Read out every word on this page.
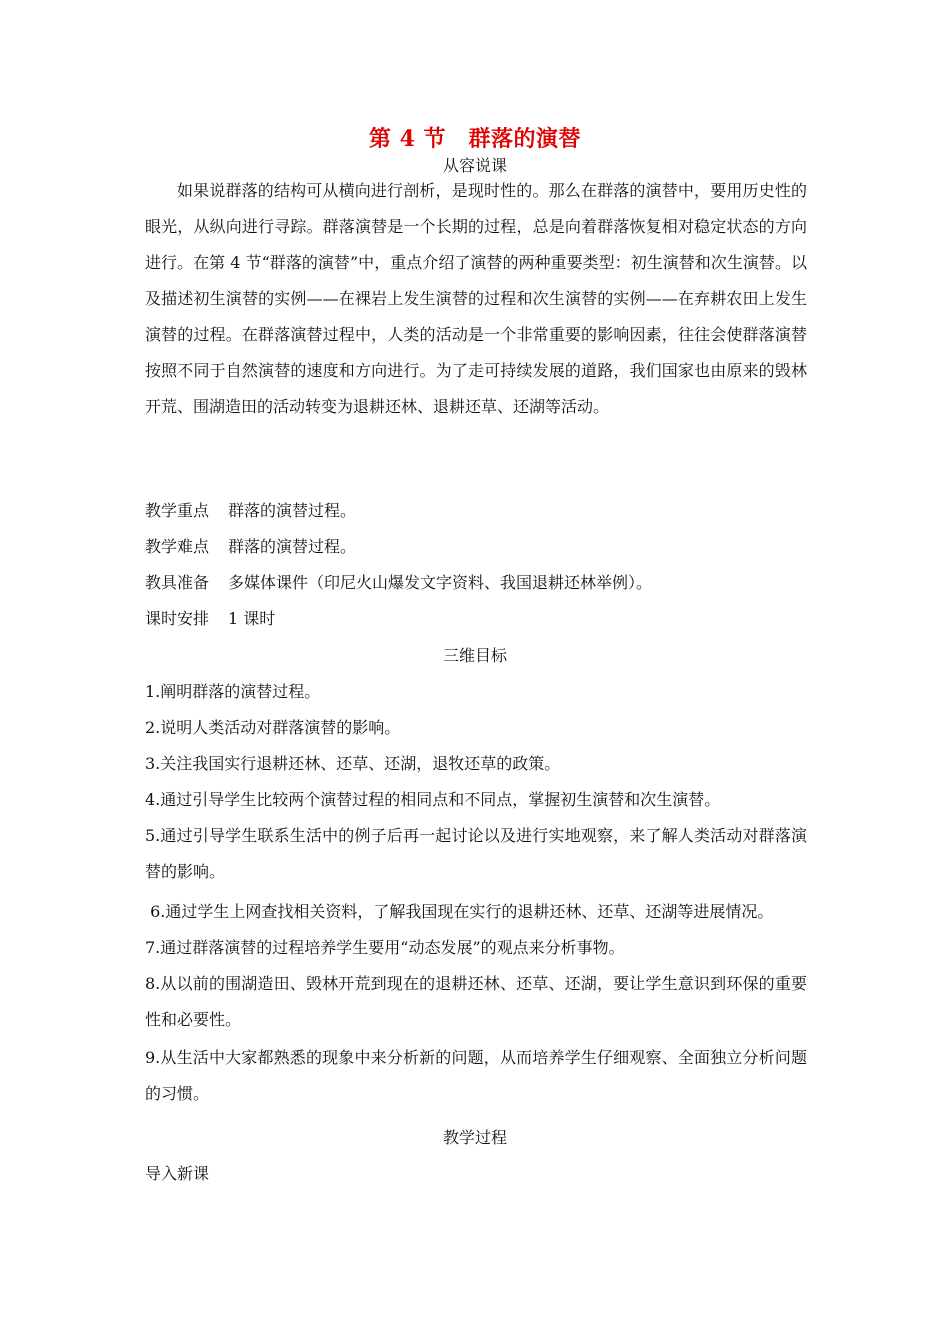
第 4 节　群落的演替
从容说课

如果说群落的结构可从横向进行剖析，是现时性的。那么在群落的演替中，要用历史性的眼光，从纵向进行寻踪。群落演替是一个长期的过程，总是向着群落恢复相对稳定状态的方向进行。在第 4 节“群落的演替”中，重点介绍了演替的两种重要类型：初生演替和次生演替。以及描述初生演替的实例——在裸岩上发生演替的过程和次生演替的实例——在弃耕农田上发生演替的过程。在群落演替过程中，人类的活动是一个非常重要的影响因素，往往会使群落演替按照不同于自然演替的速度和方向进行。为了走可持续发展的道路，我们国家也由原来的毁林开荒、围湖造田的活动转变为退耕还林、退耕还草、还湖等活动。

教学重点 群落的演替过程。
教学难点 群落的演替过程。
教具准备 多媒体课件（印尼火山爆发文字资料、我国退耕还林举例）。
课时安排 1 课时
三维目标

1.阐明群落的演替过程。

2.说明人类活动对群落演替的影响。

3.关注我国实行退耕还林、还草、还湖，退牧还草的政策。

4.通过引导学生比较两个演替过程的相同点和不同点，掌握初生演替和次生演替。

5.通过引导学生联系生活中的例子后再一起讨论以及进行实地观察，来了解人类活动对群落演替的影响。

6.通过学生上网查找相关资料，了解我国现在实行的退耕还林、还草、还湖等进展情况。

7.通过群落演替的过程培养学生要用“动态发展”的观点来分析事物。

8.从以前的围湖造田、毁林开荒到现在的退耕还林、还草、还湖，要让学生意识到环保的重要性和必要性。

9.从生活中大家都熟悉的现象中来分析新的问题，从而培养学生仔细观察、全面独立分析问题的习惯。

教学过程
导入新课
